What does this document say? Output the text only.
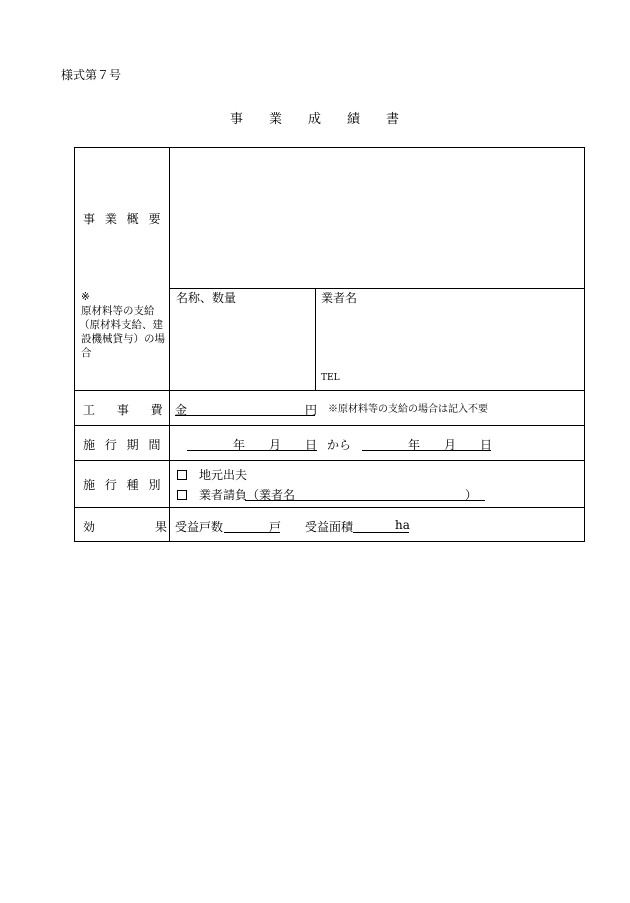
様式第７号
事　　業　　成　　績　　書
事 業 概 要
※
原材料等の支給
（原材料支給、建
設機械貸与）の場
合
名称、数量	業者名
TEL
工　 事　 費 金	円 ※原材料等の支給の場合は記入不要
施 行 期 間	年 月 日 から	年 月 日
施 行 種 別
地元出夫
業者請負（業者名	）
効　　　　　果 受益戸数	戸 受益面積	ha
